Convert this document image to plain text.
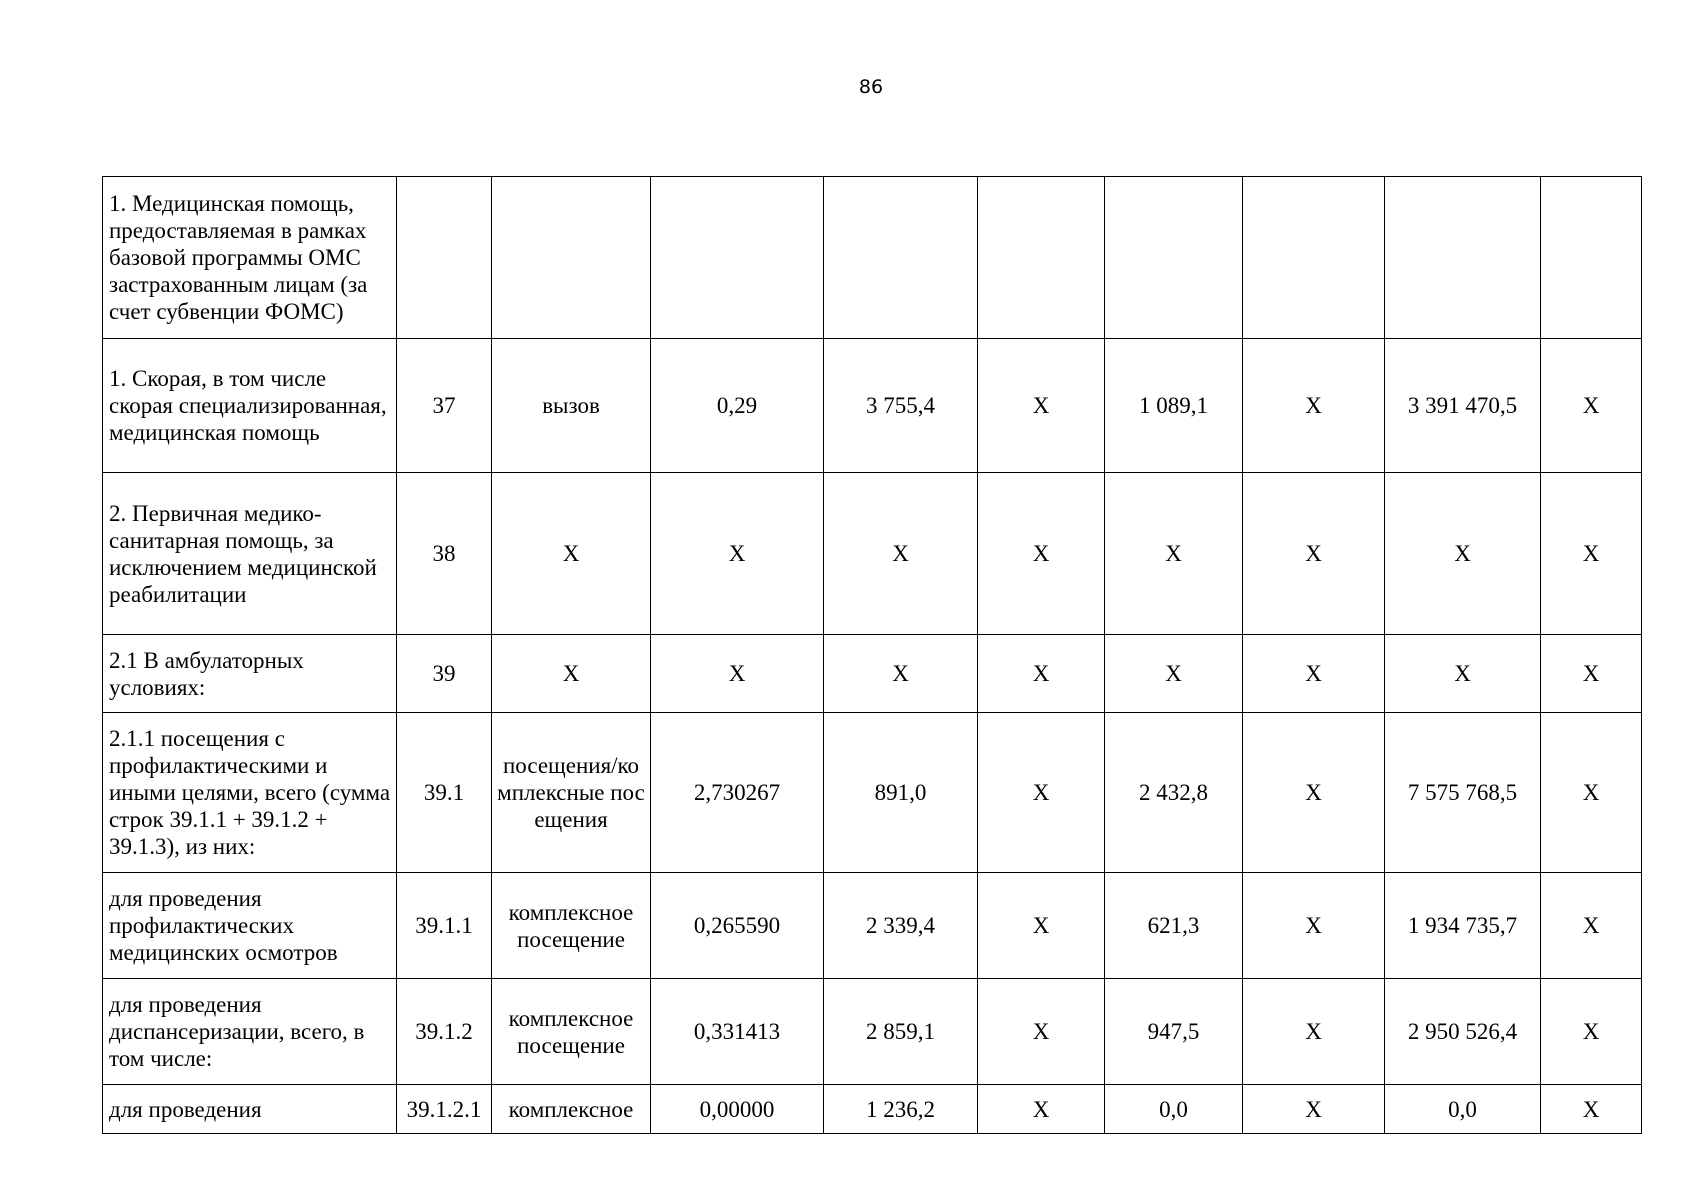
86
1. Медицинская помощь, предоставляемая в рамках базовой программы ОМС застрахованным лицам (за счет субвенции ФОМС)									
1. Скорая, в том числе скорая специализированная, медицинская помощь	37	вызов	0,29	3 755,4	X	1 089,1	X	3 391 470,5	X
2. Первичная медико-санитарная помощь, за исключением медицинской реабилитации	38	X	X	X	X	X	X	X	X
2.1 В амбулаторных условиях:	39	X	X	X	X	X	X	X	X
2.1.1 посещения с профилактическими и иными целями, всего (сумма строк 39.1.1 + 39.1.2 + 39.1.3), из них:	39.1	посещения/комплексные посещения	2,730267	891,0	X	2 432,8	X	7 575 768,5	X
для проведения профилактических медицинских осмотров	39.1.1	комплексное посещение	0,265590	2 339,4	X	621,3	X	1 934 735,7	X
для проведения диспансеризации, всего, в том числе:	39.1.2	комплексное посещение	0,331413	2 859,1	X	947,5	X	2 950 526,4	X
для проведения	39.1.2.1	комплексное	0,00000	1 236,2	X	0,0	X	0,0	X
